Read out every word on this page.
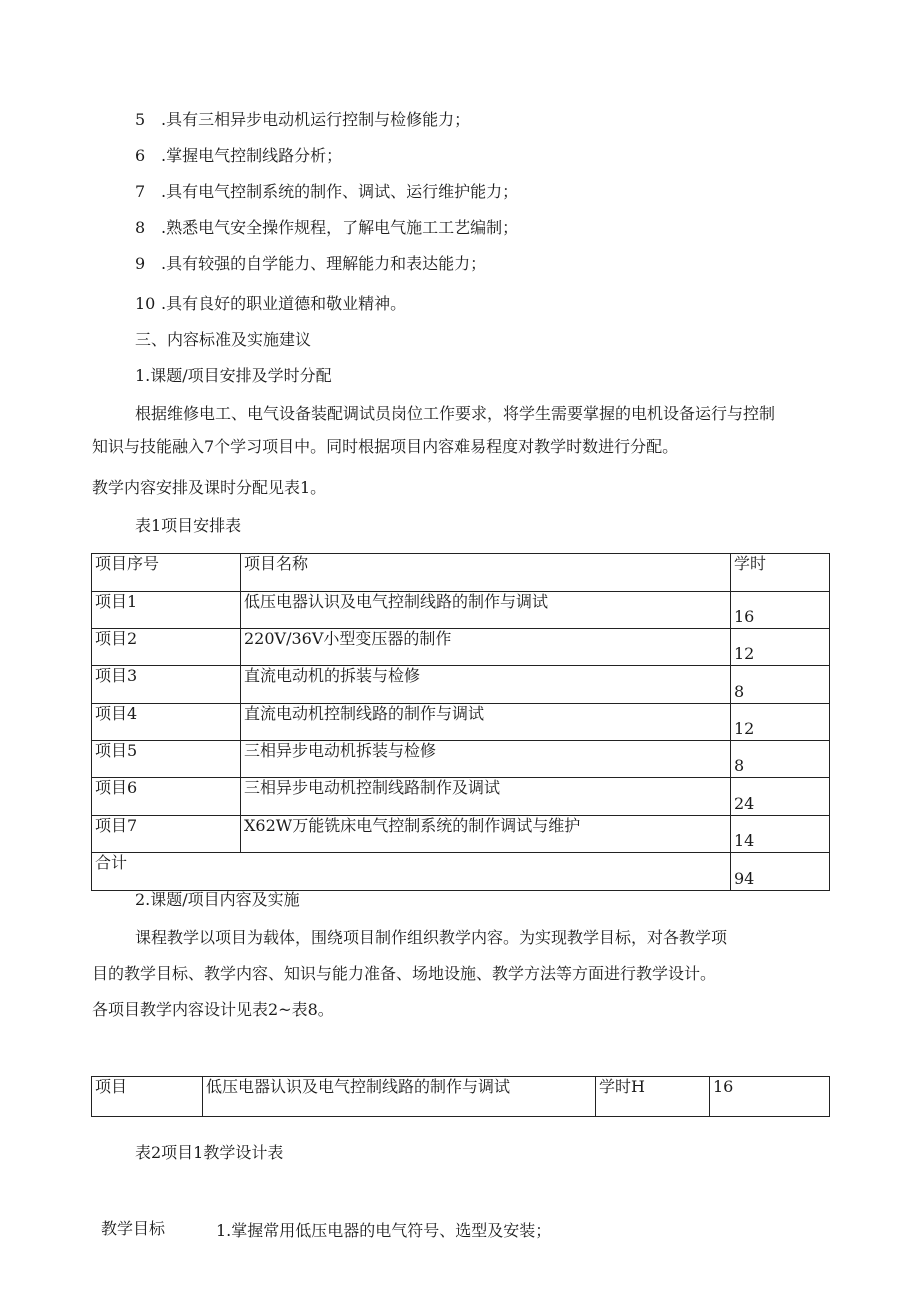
5 .具有三相异步电动机运行控制与检修能力；
6 .掌握电气控制线路分析；
7 .具有电气控制系统的制作、调试、运行维护能力；
8 .熟悉电气安全操作规程，了解电气施工工艺编制；
9 .具有较强的自学能力、理解能力和表达能力；
10 .具有良好的职业道德和敬业精神。
三、内容标准及实施建议
1.课题/项目安排及学时分配
根据维修电工、电气设备装配调试员岗位工作要求，将学生需要掌握的电机设备运行与控制
知识与技能融入7个学习项目中。同时根据项目内容难易程度对教学时数进行分配。
教学内容安排及课时分配见表1。
表1项目安排表
项目序号	项目名称	学时
项目1	低压电器认识及电气控制线路的制作与调试	16
项目2	220V/36V小型变压器的制作	12
项目3	直流电动机的拆装与检修	8
项目4	直流电动机控制线路的制作与调试	12
项目5	三相异步电动机拆装与检修	8
项目6	三相异步电动机控制线路制作及调试	24
项目7	X62W万能铣床电气控制系统的制作调试与维护	14
合计		94
2.课题/项目内容及实施
课程教学以项目为载体，围绕项目制作组织教学内容。为实现教学目标，对各教学项
目的教学目标、教学内容、知识与能力准备、场地设施、教学方法等方面进行教学设计。
各项目教学内容设计见表2~表8。
项目	低压电器认识及电气控制线路的制作与调试	学时H	16
表2项目1教学设计表
教学目标	1.掌握常用低压电器的电气符号、选型及安装；
